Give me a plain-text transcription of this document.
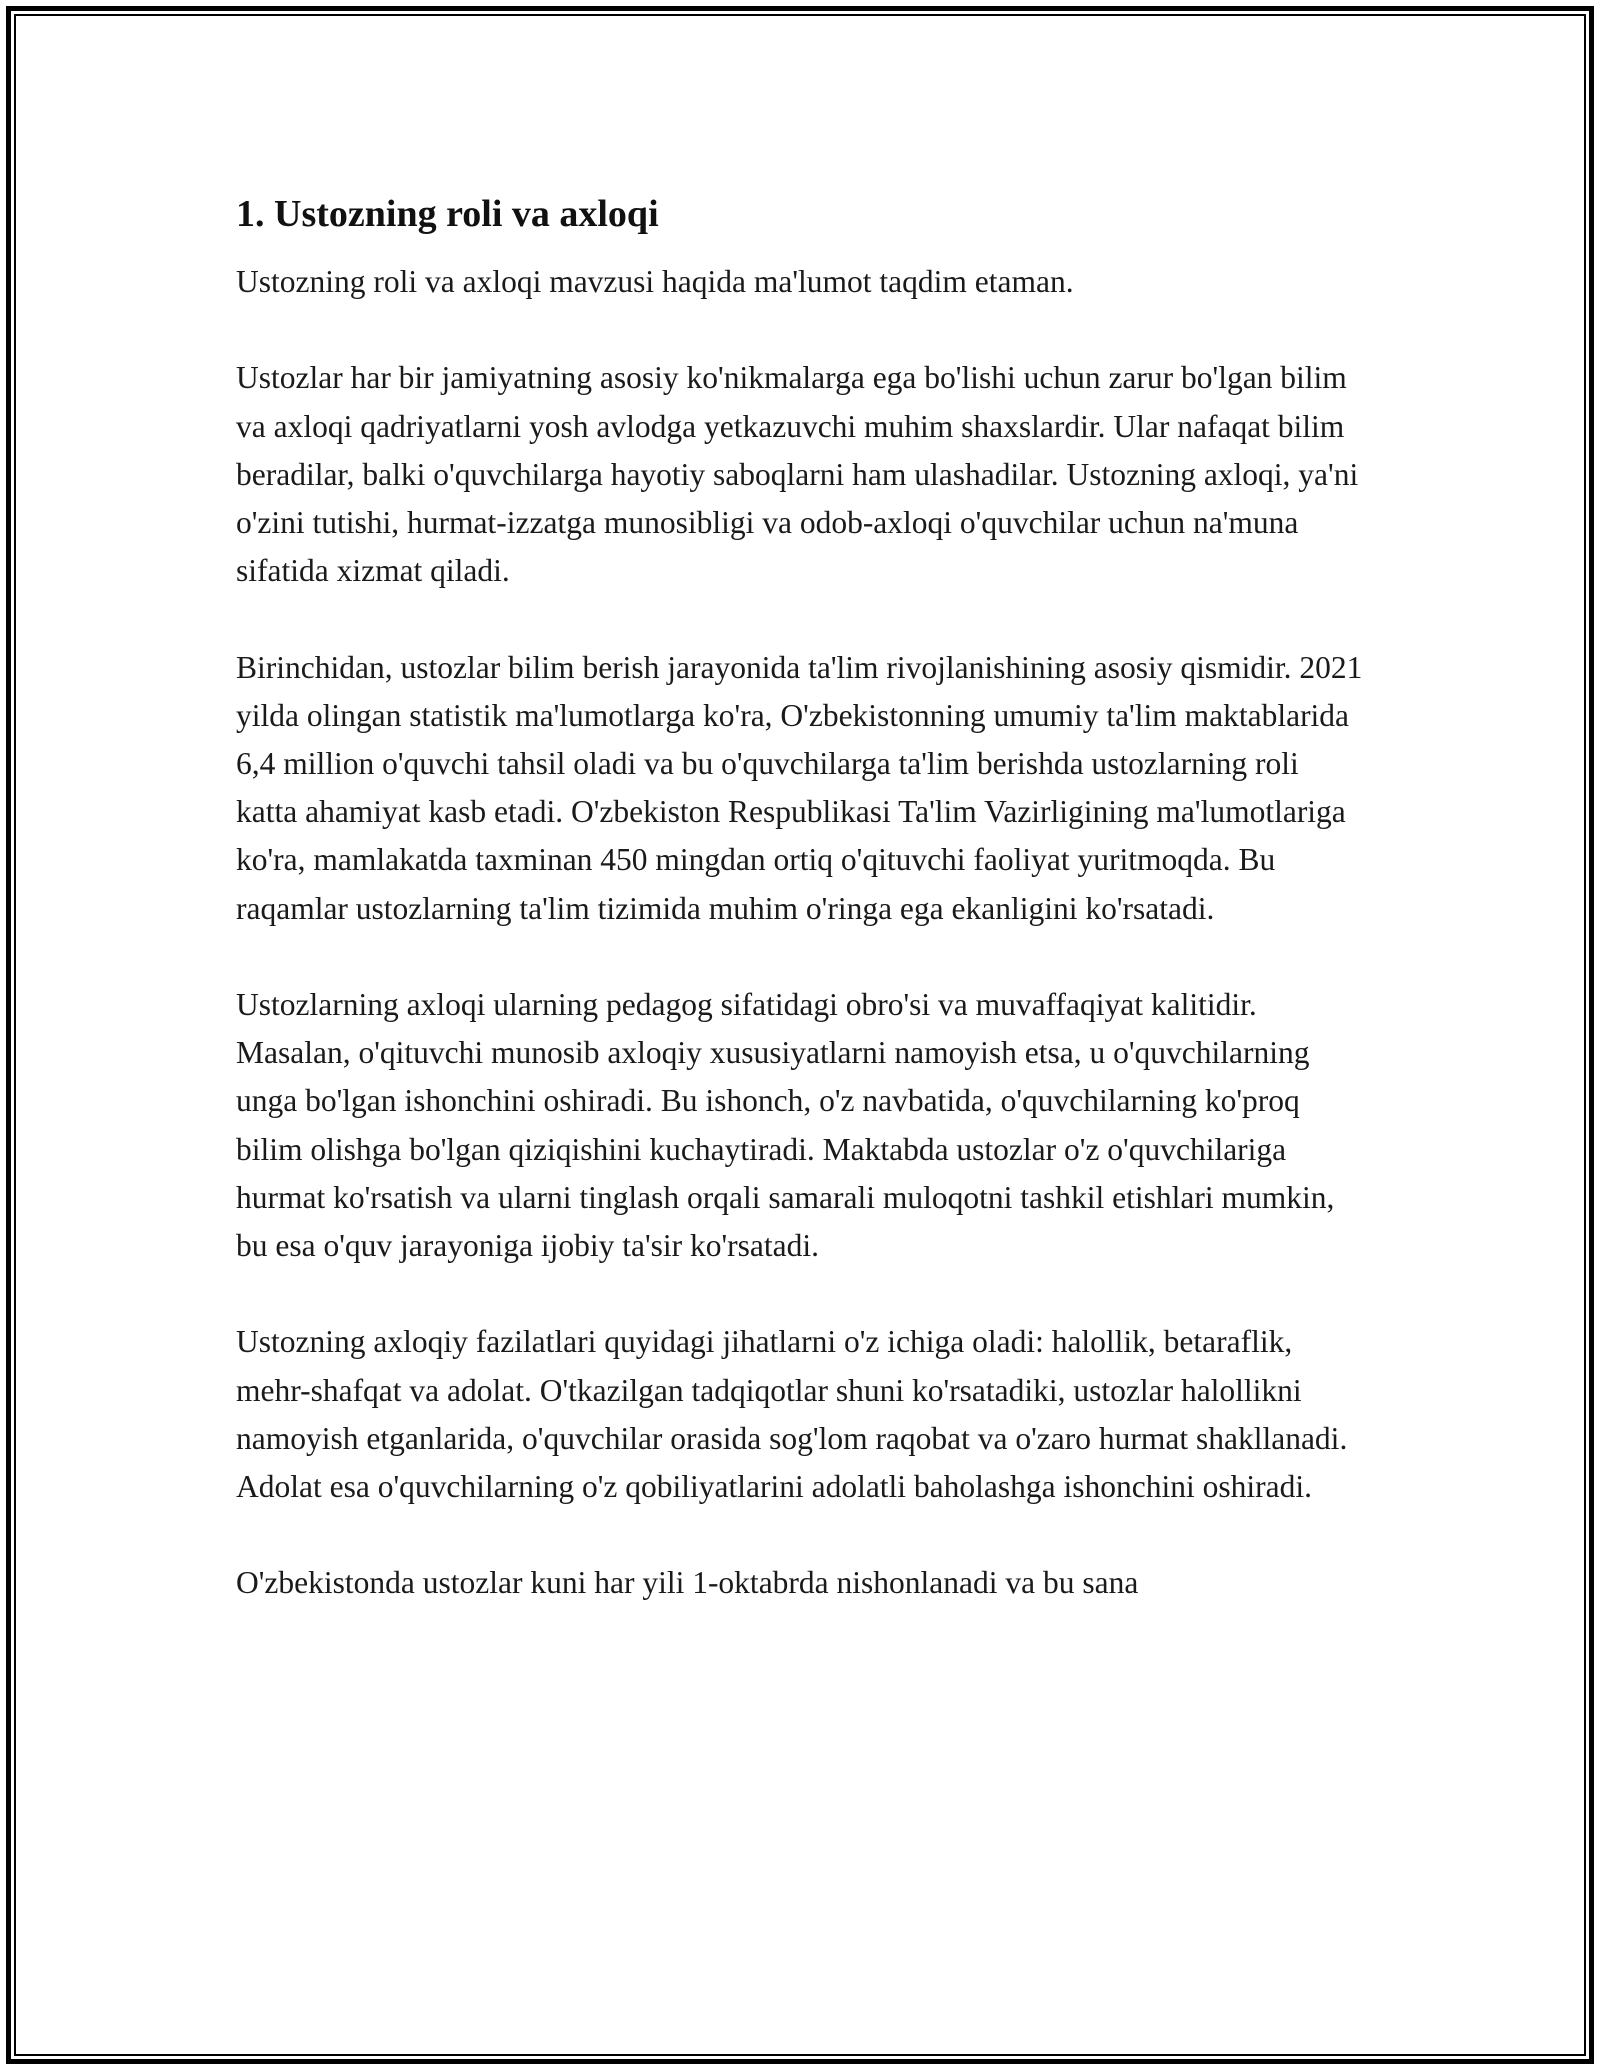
1. Ustozning roli va axloqi

Ustozning roli va axloqi mavzusi haqida ma'lumot taqdim etaman.

Ustozlar har bir jamiyatning asosiy ko'nikmalarga ega bo'lishi uchun zarur bo'lgan bilim va axloqi qadriyatlarni yosh avlodga yetkazuvchi muhim shaxslardir. Ular nafaqat bilim beradilar, balki o'quvchilarga hayotiy saboqlarni ham ulashadilar. Ustozning axloqi, ya'ni o'zini tutishi, hurmat-izzatga munosibligi va odob-axloqi o'quvchilar uchun na'muna sifatida xizmat qiladi.

Birinchidan, ustozlar bilim berish jarayonida ta'lim rivojlanishining asosiy qismidir. 2021 yilda olingan statistik ma'lumotlarga ko'ra, O'zbekistonning umumiy ta'lim maktablarida 6,4 million o'quvchi tahsil oladi va bu o'quvchilarga ta'lim berishda ustozlarning roli katta ahamiyat kasb etadi. O'zbekiston Respublikasi Ta'lim Vazirligining ma'lumotlariga ko'ra, mamlakatda taxminan 450 mingdan ortiq o'qituvchi faoliyat yuritmoqda. Bu raqamlar ustozlarning ta'lim tizimida muhim o'ringa ega ekanligini ko'rsatadi.

Ustozlarning axloqi ularning pedagog sifatidagi obro'si va muvaffaqiyat kalitidir. Masalan, o'qituvchi munosib axloqiy xususiyatlarni namoyish etsa, u o'quvchilarning unga bo'lgan ishonchini oshiradi. Bu ishonch, o'z navbatida, o'quvchilarning ko'proq bilim olishga bo'lgan qiziqishini kuchaytiradi. Maktabda ustozlar o'z o'quvchilariga hurmat ko'rsatish va ularni tinglash orqali samarali muloqotni tashkil etishlari mumkin, bu esa o'quv jarayoniga ijobiy ta'sir ko'rsatadi.

Ustozning axloqiy fazilatlari quyidagi jihatlarni o'z ichiga oladi: halollik, betaraflik, mehr-shafqat va adolat. O'tkazilgan tadqiqotlar shuni ko'rsatadiki, ustozlar halollikni namoyish etganlarida, o'quvchilar orasida sog'lom raqobat va o'zaro hurmat shakllanadi. Adolat esa o'quvchilarning o'z qobiliyatlarini adolatli baholashga ishonchini oshiradi.

O'zbekistonda ustozlar kuni har yili 1-oktabrda nishonlanadi va bu sana
